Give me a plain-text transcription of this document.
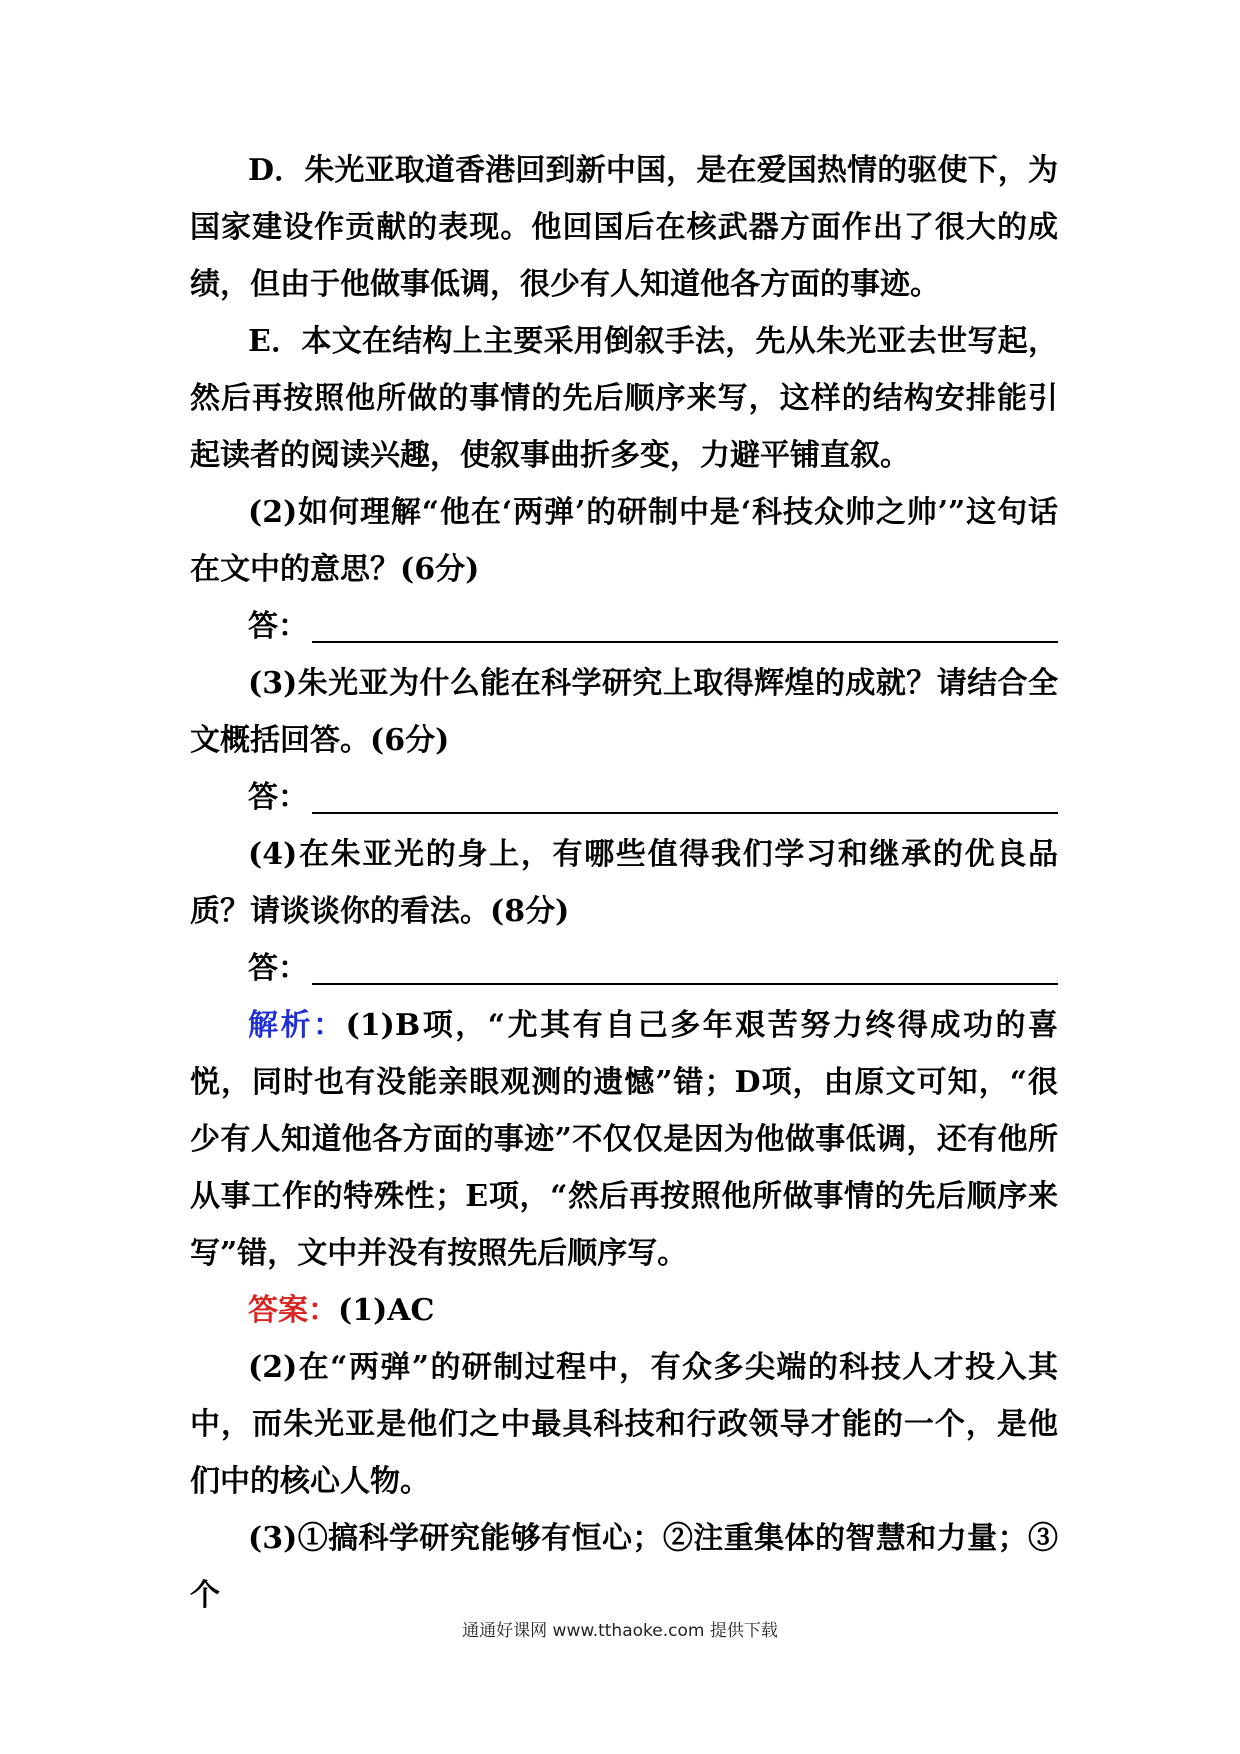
D．朱光亚取道香港回到新中国，是在爱国热情的驱使下，为国家建设作贡献的表现。他回国后在核武器方面作出了很大的成绩，但由于他做事低调，很少有人知道他各方面的事迹。

E．本文在结构上主要采用倒叙手法，先从朱光亚去世写起，然后再按照他所做的事情的先后顺序来写，这样的结构安排能引起读者的阅读兴趣，使叙事曲折多变，力避平铺直叙。

(2)如何理解“他在‘两弹’的研制中是‘科技众帅之帅’”这句话在文中的意思？(6分)

答：

(3)朱光亚为什么能在科学研究上取得辉煌的成就？请结合全文概括回答。(6分)

答：

(4)在朱亚光的身上，有哪些值得我们学习和继承的优良品质？请谈谈你的看法。(8分)

答：

解析：(1)B项，“尤其有自己多年艰苦努力终得成功的喜悦，同时也有没能亲眼观测的遗憾”错；D项，由原文可知，“很少有人知道他各方面的事迹”不仅仅是因为他做事低调，还有他所从事工作的特殊性；E项，“然后再按照他所做事情的先后顺序来写”错，文中并没有按照先后顺序写。

答案：(1)AC

(2)在“两弹”的研制过程中，有众多尖端的科技人才投入其中，而朱光亚是他们之中最具科技和行政领导才能的一个，是他们中的核心人物。

(3)①搞科学研究能够有恒心；②注重集体的智慧和力量；③个

通通好课网 www.tthaoke.com 提供下载
